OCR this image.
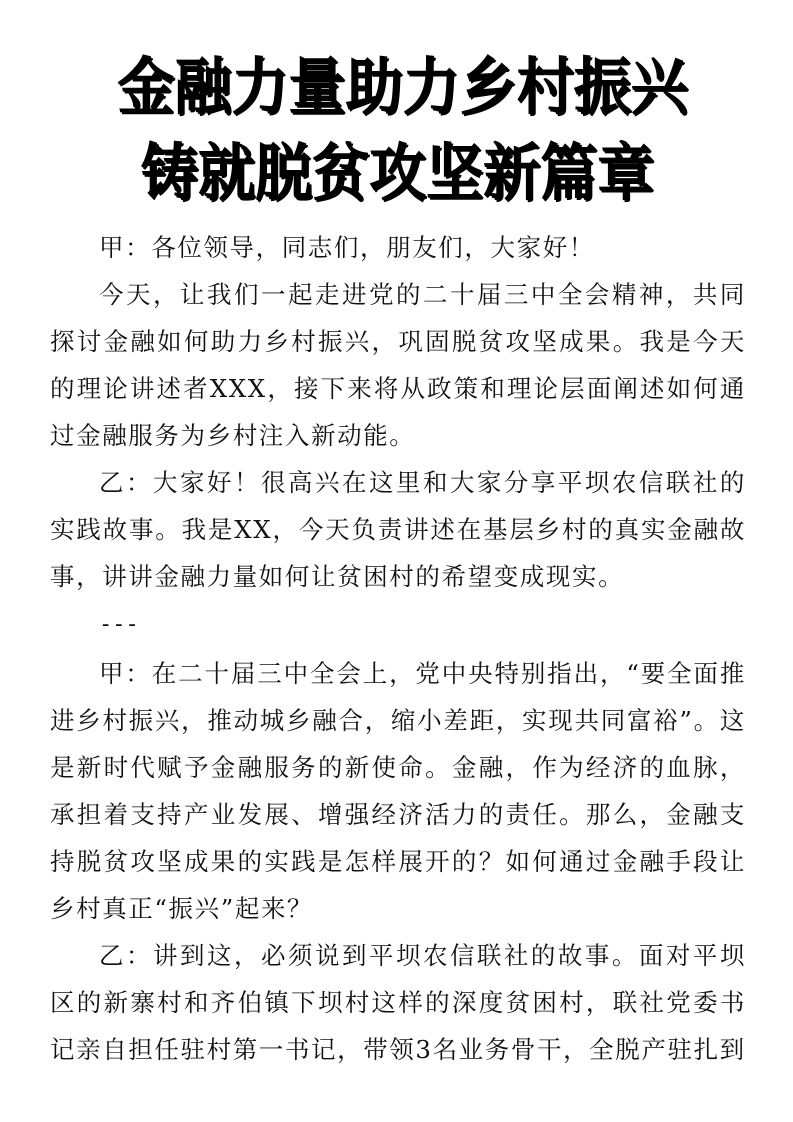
金融力量助力乡村振兴
铸就脱贫攻坚新篇章

甲：各位领导，同志们，朋友们，大家好！

今天，让我们一起走进党的二十届三中全会精神，共同探讨金融如何助力乡村振兴，巩固脱贫攻坚成果。我是今天的理论讲述者XXX，接下来将从政策和理论层面阐述如何通过金融服务为乡村注入新动能。

乙：大家好！很高兴在这里和大家分享平坝农信联社的实践故事。我是XX，今天负责讲述在基层乡村的真实金融故事，讲讲金融力量如何让贫困村的希望变成现实。

---

甲：在二十届三中全会上，党中央特别指出，“要全面推进乡村振兴，推动城乡融合，缩小差距，实现共同富裕”。这是新时代赋予金融服务的新使命。金融，作为经济的血脉，承担着支持产业发展、增强经济活力的责任。那么，金融支持脱贫攻坚成果的实践是怎样展开的？如何通过金融手段让乡村真正“振兴”起来？

乙：讲到这，必须说到平坝农信联社的故事。面对平坝区的新寨村和齐伯镇下坝村这样的深度贫困村，联社党委书记亲自担任驻村第一书记，带领3名业务骨干，全脱产驻扎到
